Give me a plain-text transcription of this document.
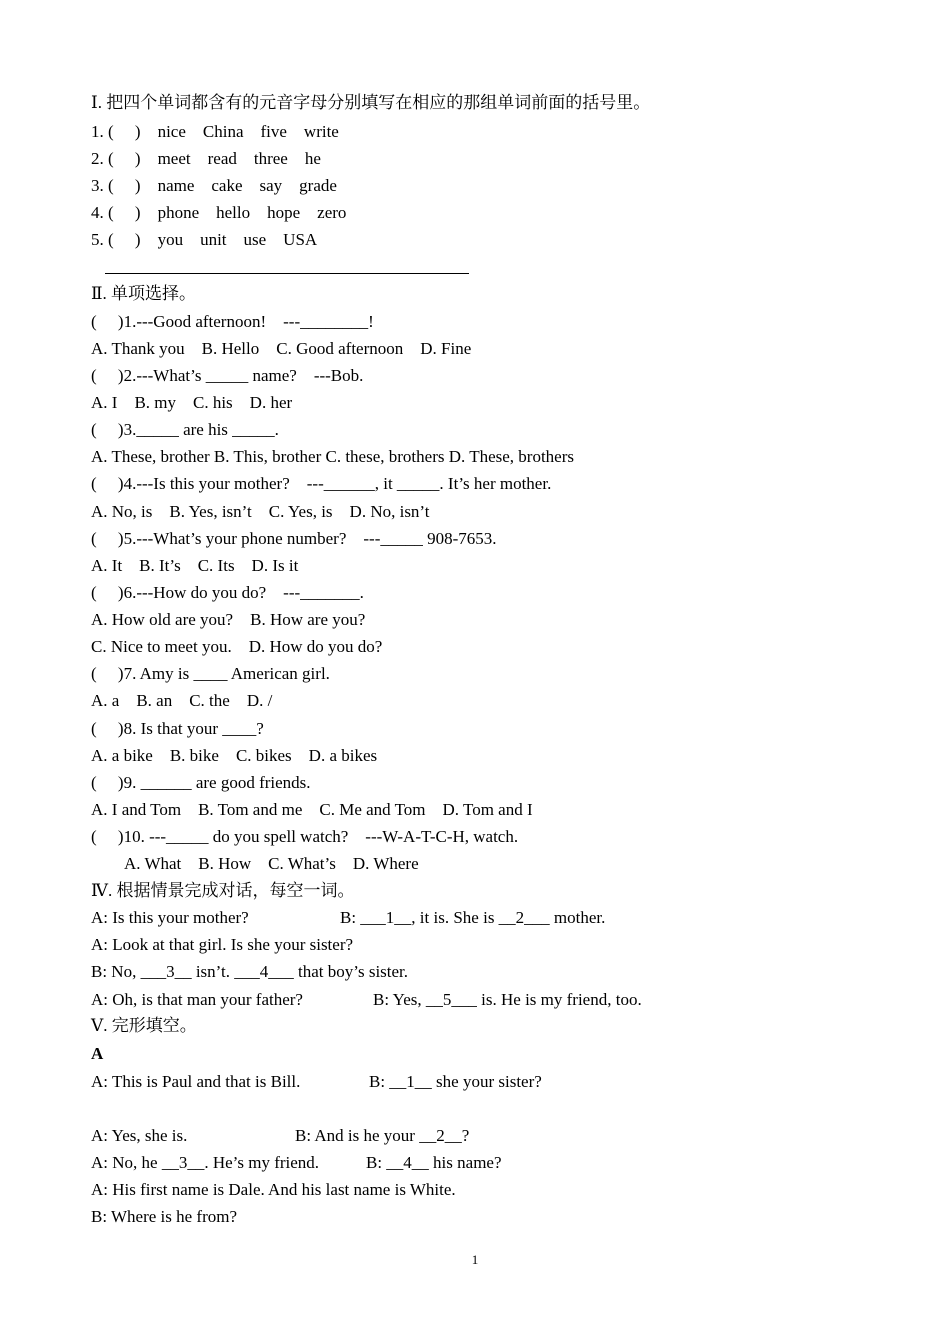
Ⅰ. 把四个单词都含有的元音字母分别填写在相应的那组单词前面的括号里。
1. (　 )　nice　China　five　write
2. (　 )　meet　read　three　he
3. (　 )　name　cake　say　grade
4. (　 )　phone　hello　hope　zero
5. (　 )　you　unit　use　USA
Ⅱ. 单项选择。
(　 )1.---Good afternoon!　---________!
A. Thank you　B. Hello　C. Good afternoon　D. Fine
(　 )2.---What’s _____ name?　---Bob.
A. I　B. my　C. his　D. her
(　 )3._____ are his _____.
A. These, brother B. This, brother C. these, brothers D. These, brothers
(　 )4.---Is this your mother?　---______, it _____. It’s her mother.
A. No, is　B. Yes, isn’t　C. Yes, is　D. No, isn’t
(　 )5.---What’s your phone number?　---_____ 908-7653.
A. It　B. It’s　C. Its　D. Is it
(　 )6.---How do you do?　---_______.
A. How old are you?　B. How are you?
C. Nice to meet you.　D. How do you do?
(　 )7. Amy is ____ American girl.
A. a　B. an　C. the　D. /
(　 )8. Is that your ____?
A. a bike　B. bike　C. bikes　D. a bikes
(　 )9. ______ are good friends.
A. I and Tom　B. Tom and me　C. Me and Tom　D. Tom and I
(　 )10. ---_____ do you spell watch?　---W-A-T-C-H, watch.
A. What　B. How　C. What’s　D. Where
Ⅳ. 根据情景完成对话，每空一词。
A: Is this your mother?	B: ___1__, it is. She is __2___ mother.
A: Look at that girl. Is she your sister?
B: No, ___3__ isn’t. ___4___ that boy’s sister.
A: Oh, is that man your father?	B: Yes, __5___ is. He is my friend, too.
Ⅴ. 完形填空。
A
A: This is Paul and that is Bill.	B: __1__ she your sister?
A: Yes, she is.	B: And is he your __2__?
A: No, he __3__. He’s my friend.	B: __4__ his name?
A: His first name is Dale. And his last name is White.
B: Where is he from?
1
